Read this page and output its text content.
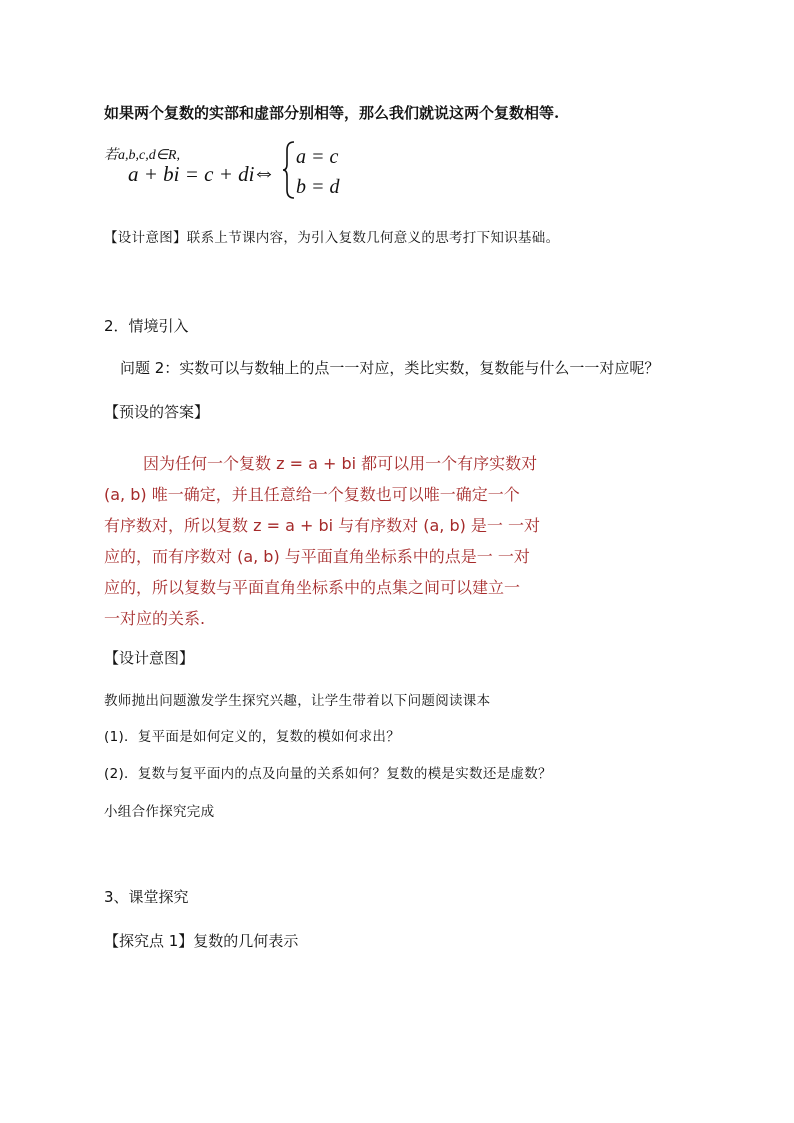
如果两个复数的实部和虚部分别相等，那么我们就说这两个复数相等.
若a,b,c,d∈R,
a + bi = c + di
⇔
a = c
b = d
【设计意图】联系上节课内容，为引入复数几何意义的思考打下知识基础。
2．情境引入
问题 2：实数可以与数轴上的点一一对应，类比实数，复数能与什么一一对应呢？
【预设的答案】
因为任何一个复数 z = a + bi 都可以用一个有序实数对
(a, b) 唯一确定，并且任意给一个复数也可以唯一确定一个
有序数对，所以复数 z = a + bi 与有序数对 (a, b) 是一 一对
应的，而有序数对 (a, b) 与平面直角坐标系中的点是一 一对
应的，所以复数与平面直角坐标系中的点集之间可以建立一
一对应的关系.
【设计意图】
教师抛出问题激发学生探究兴趣，让学生带着以下问题阅读课本
(1)．复平面是如何定义的，复数的模如何求出？
(2)．复数与复平面内的点及向量的关系如何？复数的模是实数还是虚数？
小组合作探究完成
3、课堂探究
【探究点 1】复数的几何表示
